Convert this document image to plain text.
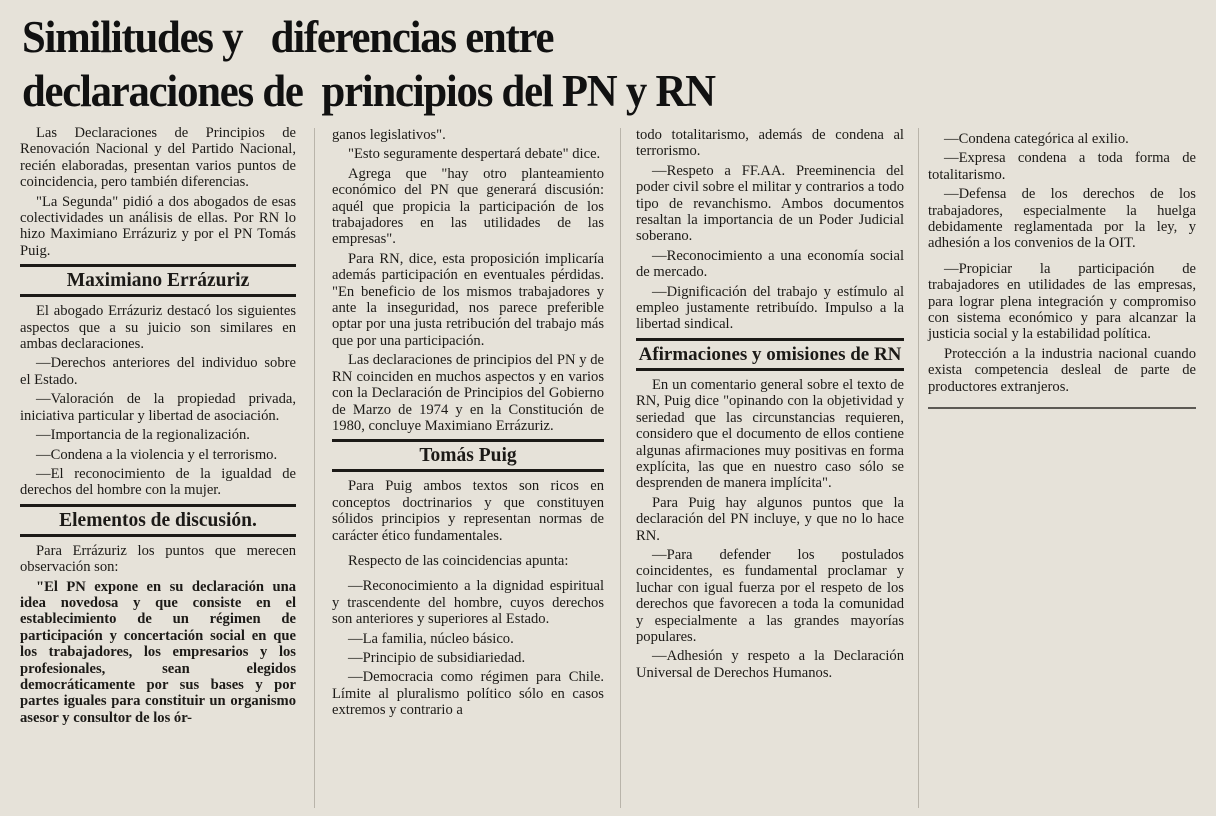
Similitudes y   diferencias entre
declaraciones de  principios del PN y RN

Las Declaraciones de Principios de Renovación Nacional y del Partido Nacional, recién elaboradas, presentan varios puntos de coincidencia, pero también diferencias.

"La Segunda" pidió a dos abogados de esas colectividades un análisis de ellas. Por RN lo hizo Maximiano Errázuriz y por el PN Tomás Puig.

Maximiano Errázuriz

El abogado Errázuriz destacó los siguientes aspectos que a su juicio son similares en ambas declaraciones.

—Derechos anteriores del individuo sobre el Estado.

—Valoración de la propiedad privada, iniciativa particular y libertad de asociación.

—Importancia de la regionalización.

—Condena a la violencia y el terrorismo.

—El reconocimiento de la igualdad de derechos del hombre con la mujer.

Elementos de discusión.

Para Errázuriz los puntos que merecen observación son:

"El PN expone en su declaración una idea novedosa y que consiste en el establecimiento de un régimen de participación y concertación social en que los trabajadores, los empresarios y los profesionales, sean elegidos democráticamente por sus bases y por partes iguales para constituir un organismo asesor y consultor de los ór-

ganos legislativos".

"Esto seguramente despertará debate" dice.

Agrega que "hay otro planteamiento económico del PN que generará discusión: aquél que propicia la participación de los trabajadores en las utilidades de las empresas".

Para RN, dice, esta proposición implicaría además participación en eventuales pérdidas. "En beneficio de los mismos trabajadores y ante la inseguridad, nos parece preferible optar por una justa retribución del trabajo más que por una participación.

Las declaraciones de principios del PN y de RN coinciden en muchos aspectos y en varios con la Declaración de Principios del Gobierno de Marzo de 1974 y en la Constitución de 1980, concluye Maximiano Errázuriz.

Tomás Puig

Para Puig ambos textos son ricos en conceptos doctrinarios y que constituyen sólidos principios y representan normas de carácter ético fundamentales.

Respecto de las coincidencias apunta:

—Reconocimiento a la dignidad espiritual y trascendente del hombre, cuyos derechos son anteriores y superiores al Estado.

—La familia, núcleo básico.

—Principio de subsidiariedad.

—Democracia como régimen para Chile. Límite al pluralismo político sólo en casos extremos y contrario a

todo totalitarismo, además de condena al terrorismo.

—Respeto a FF.AA. Preeminencia del poder civil sobre el militar y contrarios a todo tipo de revanchismo. Ambos documentos resaltan la importancia de un Poder Judicial soberano.

—Reconocimiento a una economía social de mercado.

—Dignificación del trabajo y estímulo al empleo justamente retribuído. Impulso a la libertad sindical.

Afirmaciones y omisiones de RN

En un comentario general sobre el texto de RN, Puig dice "opinando con la objetividad y seriedad que las circunstancias requieren, considero que el documento de ellos contiene algunas afirmaciones muy positivas en forma explícita, las que en nuestro caso sólo se desprenden de manera implícita".

Para Puig hay algunos puntos que la declaración del PN incluye, y que no lo hace RN.

—Para defender los postulados coincidentes, es fundamental proclamar y luchar con igual fuerza por el respeto de los derechos que favorecen a toda la comunidad y especialmente a las grandes mayorías populares.

—Adhesión y respeto a la Declaración Universal de Derechos Humanos.

—Condena categórica al exilio.

—Expresa condena a toda forma de totalitarismo.

—Defensa de los derechos de los trabajadores, especialmente la huelga debidamente reglamentada por la ley, y adhesión a los convenios de la OIT.

—Propiciar la participación de trabajadores en utilidades de las empresas, para lograr plena integración y compromiso con sistema económico y para alcanzar la justicia social y la estabilidad política.

Protección a la industria nacional cuando exista competencia desleal de parte de productores extranjeros.
